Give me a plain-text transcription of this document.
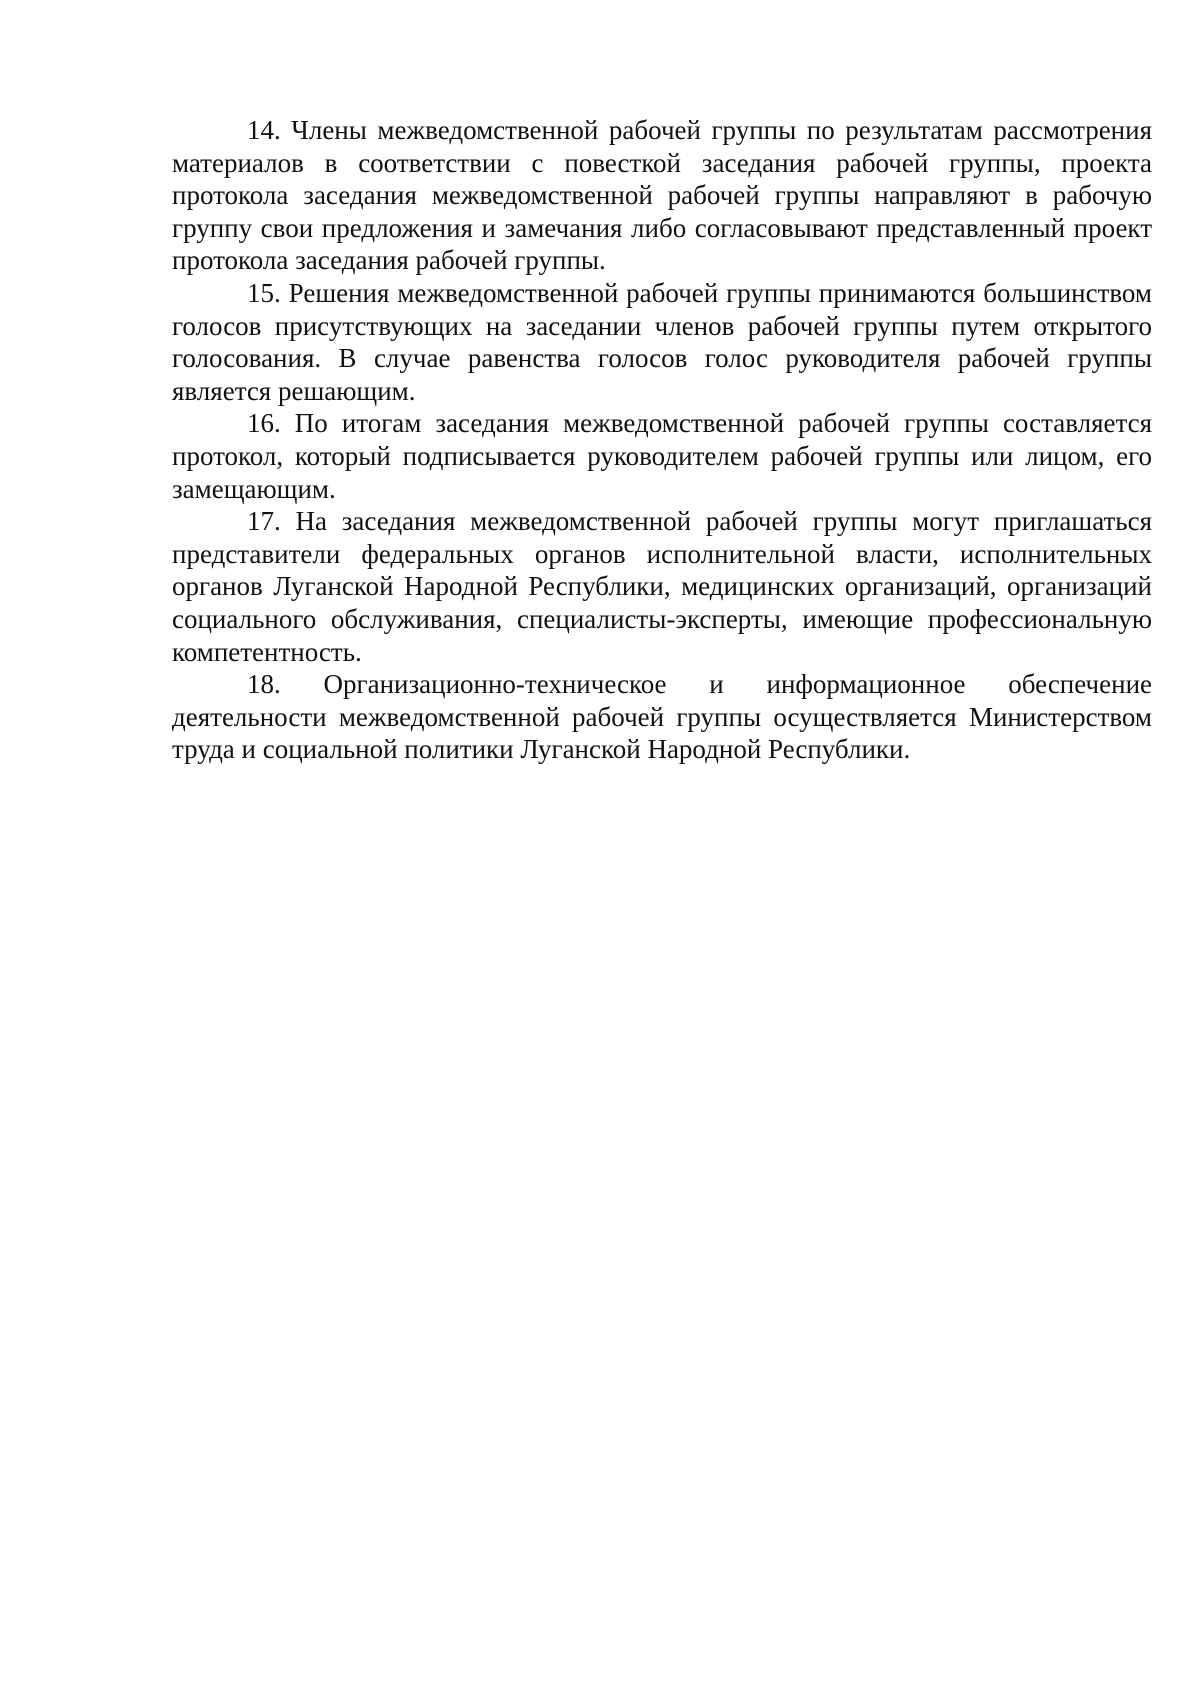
14. Члены межведомственной рабочей группы по результатам рассмотрения материалов в соответствии с повесткой заседания рабочей группы, проекта протокола заседания межведомственной рабочей группы направляют в рабочую группу свои предложения и замечания либо согласовывают представленный проект протокола заседания рабочей группы.

15. Решения межведомственной рабочей группы принимаются большинством голосов присутствующих на заседании членов рабочей группы путем открытого голосования. В случае равенства голосов голос руководителя рабочей группы является решающим.

16. По итогам заседания межведомственной рабочей группы составляется протокол, который подписывается руководителем рабочей группы или лицом, его замещающим.

17. На заседания межведомственной рабочей группы могут приглашаться представители федеральных органов исполнительной власти, исполнительных органов Луганской Народной Республики, медицинских организаций, организаций социального обслуживания, специалисты-эксперты, имеющие профессиональную компетентность.

18. Организационно-техническое и информационное обеспечение деятельности межведомственной рабочей группы осуществляется Министерством труда и социальной политики Луганской Народной Республики.
